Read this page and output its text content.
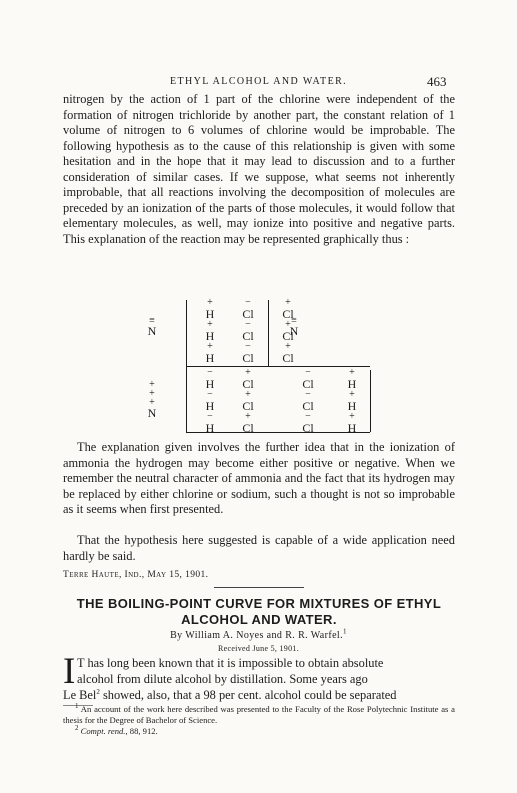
ETHYL ALCOHOL AND WATER.	463

nitrogen by the action of 1 part of the chlorine were independent of the formation of nitrogen trichloride by another part, the constant relation of 1 volume of nitrogen to 6 volumes of chlorine would be improbable. The following hypothesis as to the cause of this relationship is given with some hesitation and in the hope that it may lead to discussion and to a further consideration of similar cases. If we suppose, what seems not inherently improbable, that all reactions involving the decomposition of molecules are preceded by an ionization of the parts of those molecules, it would follow that elementary molecules, as well, may ionize into positive and negative parts. This explanation of the reaction may be represented graphically thus :

≡
N
≡
N
+
H
+
H
+
H
−
Cl
−
Cl
−
Cl
+
Cl
+
Cl
+
Cl
+
+
+
N
−
H
−
H
−
H
+
Cl
+
Cl
+
Cl
−
Cl
−
Cl
−
Cl
+
H
+
H
+
H

The explanation given involves the further idea that in the ionization of ammonia the hydrogen may become either positive or negative. When we remember the neutral character of ammonia and the fact that its hydrogen may be replaced by either chlorine or sodium, such a thought is not so improbable as it seems when first presented.

That the hypothesis here suggested is capable of a wide application need hardly be said.

Terre Haute, Ind., May 15, 1901.
THE BOILING-POINT CURVE FOR MIXTURES OF ETHYL
ALCOHOL AND WATER.
By William A. Noyes and R. R. Warfel.$^1$
Received June 5, 1901.
I T has long been known that it is impossible to obtain absolute
alcohol from dilute alcohol by distillation. Some years ago
Le Bel$^2$ showed, also, that a 98 per cent. alcohol could be separated

$^1$ An account of the work here described was presented to the Faculty of the Rose Polytechnic Institute as a thesis for the Degree of Bachelor of Science.

$^2$ Compt. rend., 88, 912.
